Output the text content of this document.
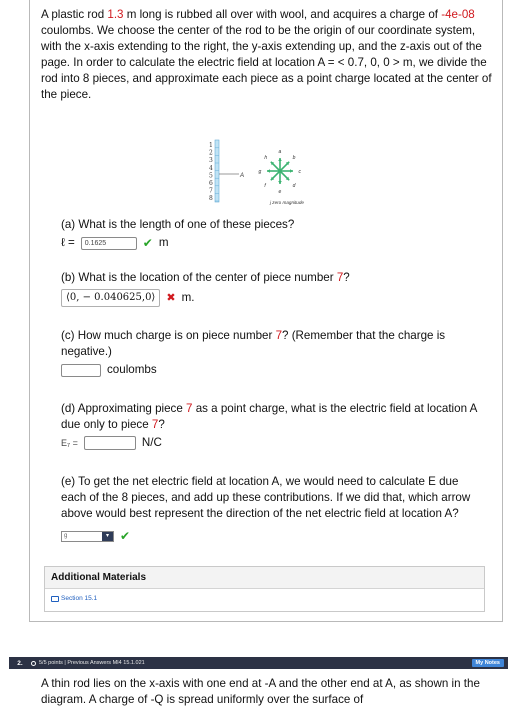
A plastic rod 1.3 m long is rubbed all over with wool, and acquires a charge of -4e-08 coulombs. We choose the center of the rod to be the origin of our coordinate system, with the x-axis extending to the right, the y-axis extending up, and the z-axis out of the page. In order to calculate the electric field at location A = < 0.7, 0, 0 > m, we divide the rod into 8 pieces, and approximate each piece as a point charge located at the center of the piece.
1
2
3
4
5
6
7
8
A
a
b
c
d
e
f
g
h
j zero magnitude
(a) What is the length of one of these pieces?
ℓ =	0.1625	✔ m
(b) What is the location of the center of piece number 7?
⟨0, − 0.040625,0⟩	✖ m.
(c) How much charge is on piece number 7? (Remember that the charge is negative.)
coulombs
(d) Approximating piece 7 as a point charge, what is the electric field at location A due only to piece 7?
E₇ =	N/C
(e) To get the net electric field at location A, we would need to calculate E due each of the 8 pieces, and add up these contributions. If we did that, which arrow above would best represent the direction of the net electric field at location A?
g	▾ ✔
Additional Materials
Section 15.1
2.	5/5 points | Previous Answers MI4 15.1.021	My Notes
A thin rod lies on the x-axis with one end at -A and the other end at A, as shown in the diagram. A charge of -Q is spread uniformly over the surface of
